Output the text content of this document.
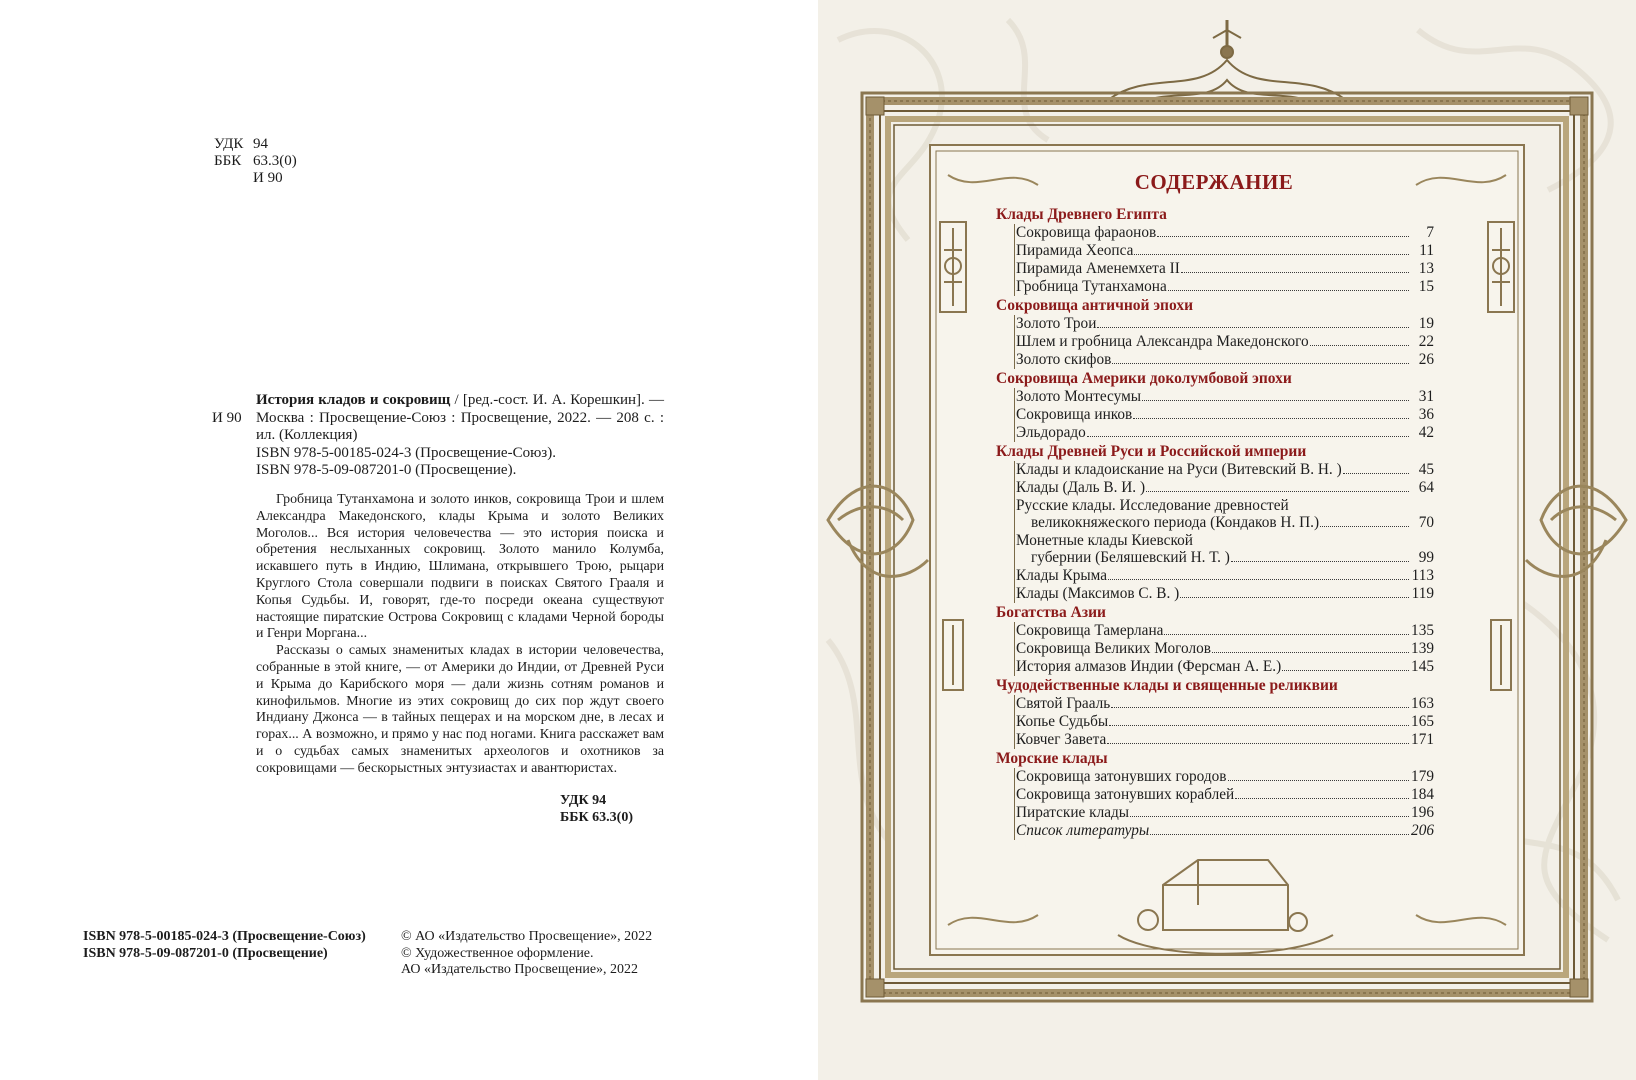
УДК 94
ББК 63.3(0)
И 90
И 90

История кладов и сокровищ / [ред.-сост. И. А. Корешкин]. — Москва : Просвещение-Союз : Просвещение, 2022. — 208 с. : ил. (Коллекция)

ISBN 978-5-00185-024-3 (Просвещение-Союз).

ISBN 978-5-09-087201-0 (Просвещение).

Гробница Тутанхамона и золото инков, сокровища Трои и шлем Александра Македонского, клады Крыма и золото Великих Моголов... Вся история человечества — это история поиска и обретения неслыханных сокровищ. Золото манило Колумба, искавшего путь в Индию, Шлимана, открывшего Трою, рыцари Круглого Стола совершали подвиги в поисках Святого Грааля и Копья Судьбы. И, говорят, где-то посреди океана существуют настоящие пиратские Острова Сокровищ с кладами Черной бороды и Генри Моргана...

Рассказы о самых знаменитых кладах в истории человечества, собранные в этой книге, — от Америки до Индии, от Древней Руси и Крыма до Карибского моря — дали жизнь сотням романов и кинофильмов. Многие из этих сокровищ до сих пор ждут своего Индиану Джонса — в тайных пещерах и на морском дне, в лесах и горах... А возможно, и прямо у нас под ногами. Книга расскажет вам и о судьбах самых знаменитых археологов и охотников за сокровищами — бескорыстных энтузиастах и авантюристах.

УДК 94
ББК 63.3(0)
ISBN 978-5-00185-024-3 (Просвещение-Союз)
ISBN 978-5-09-087201-0 (Просвещение)
© АО «Издательство Просвещение», 2022
© Художественное оформление.
АО «Издательство Просвещение», 2022
СОДЕРЖАНИЕ
Клады Древнего Египта
Сокровища фараонов	7
Пирамида Хеопса	11
Пирамида Аменемхета II	13
Гробница Тутанхамона	15
Сокровища античной эпохи
Золото Трои	19
Шлем и гробница Александра Македонского	22
Золото скифов	26
Сокровища Америки доколумбовой эпохи
Золото Монтесумы	31
Сокровища инков	36
Эльдорадо	42
Клады Древней Руси и Российской империи
Клады и кладоискание на Руси (Витевский В. Н. )	45
Клады (Даль В. И. )	64
Русские клады. Исследование древностей
великокняжеского периода (Кондаков Н. П.)	70
Монетные клады Киевской
губернии (Беляшевский Н. Т. )	99
Клады Крыма	113
Клады (Максимов С. В. )	119
Богатства Азии
Сокровища Тамерлана	135
Сокровища Великих Моголов	139
История алмазов Индии (Ферсман А. Е.)	145
Чудодейственные клады и священные реликвии
Святой Грааль	163
Копье Судьбы	165
Ковчег Завета	171
Морские клады
Сокровища затонувших городов	179
Сокровища затонувших кораблей	184
Пиратские клады	196
Список литературы	206
